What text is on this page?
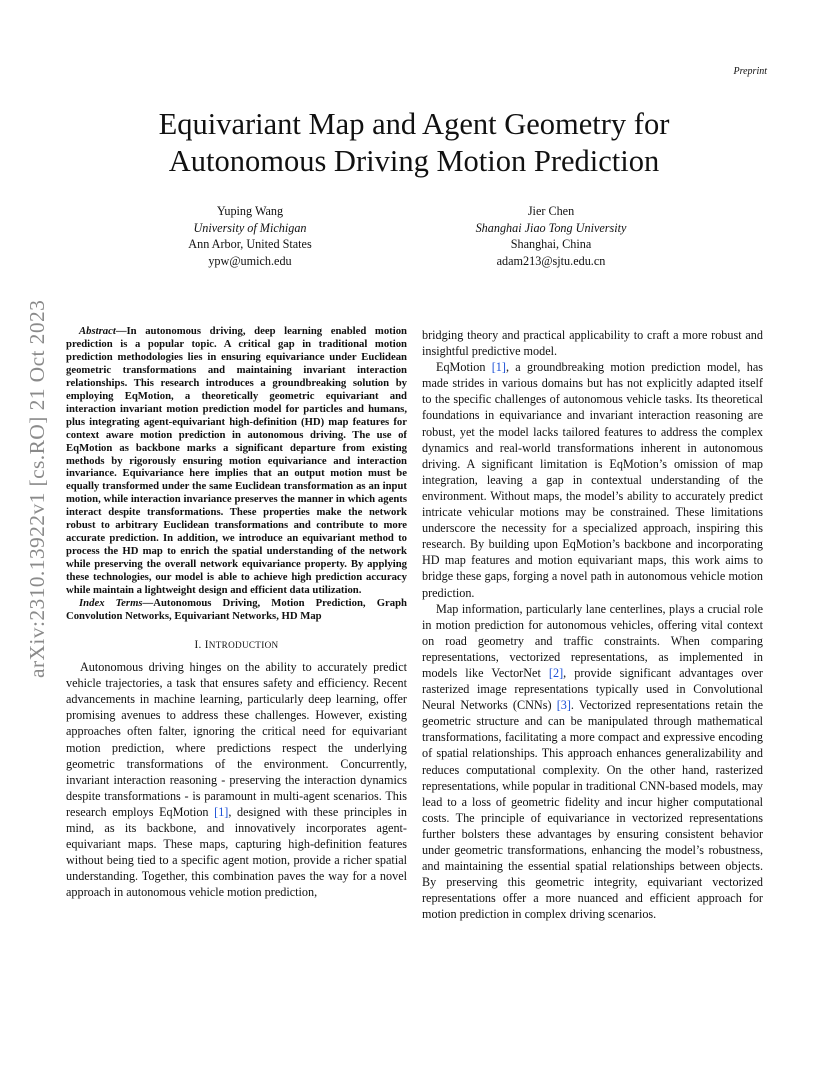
Preprint
arXiv:2310.13922v1 [cs.RO] 21 Oct 2023
Equivariant Map and Agent Geometry for
Autonomous Driving Motion Prediction
Yuping Wang
University of Michigan
Ann Arbor, United States
ypw@umich.edu
Jier Chen
Shanghai Jiao Tong University
Shanghai, China
adam213@sjtu.edu.cn
Abstract—In autonomous driving, deep learning enabled motion prediction is a popular topic. A critical gap in traditional motion prediction methodologies lies in ensuring equivariance under Euclidean geometric transformations and maintaining invariant interaction relationships. This research introduces a groundbreaking solution by employing EqMotion, a theoretically geometric equivariant and interaction invariant motion prediction model for particles and humans, plus integrating agent-equivariant high-definition (HD) map features for context aware motion prediction in autonomous driving. The use of EqMotion as backbone marks a significant departure from existing methods by rigorously ensuring motion equivariance and interaction invariance. Equivariance here implies that an output motion must be equally transformed under the same Euclidean transformation as an input motion, while interaction invariance preserves the manner in which agents interact despite transformations. These properties make the network robust to arbitrary Euclidean transformations and contribute to more accurate prediction. In addition, we introduce an equivariant method to process the HD map to enrich the spatial understanding of the network while preserving the overall network equivariance property. By applying these technologies, our model is able to achieve high prediction accuracy while maintain a lightweight design and efficient data utilization.
Index Terms—Autonomous Driving, Motion Prediction, Graph Convolution Networks, Equivariant Networks, HD Map
I. INTRODUCTION

Autonomous driving hinges on the ability to accurately predict vehicle trajectories, a task that ensures safety and efficiency. Recent advancements in machine learning, particularly deep learning, offer promising avenues to address these challenges. However, existing approaches often falter, ignoring the critical need for equivariant motion prediction, where predictions respect the underlying geometric transformations of the environment. Concurrently, invariant interaction reasoning - preserving the interaction dynamics despite transformations - is paramount in multi-agent scenarios. This research employs EqMotion [1], designed with these principles in mind, as its backbone, and innovatively incorporates agent-equivariant maps. These maps, capturing high-definition features without being tied to a specific agent motion, provide a richer spatial understanding. Together, this combination paves the way for a novel approach in autonomous vehicle motion prediction,

bridging theory and practical applicability to craft a more robust and insightful predictive model.

EqMotion [1], a groundbreaking motion prediction model, has made strides in various domains but has not explicitly adapted itself to the specific challenges of autonomous vehicle tasks. Its theoretical foundations in equivariance and invariant interaction reasoning are robust, yet the model lacks tailored features to address the complex dynamics and real-world transformations inherent in autonomous driving. A significant limitation is EqMotion’s omission of map integration, leaving a gap in contextual understanding of the environment. Without maps, the model’s ability to accurately predict intricate vehicular motions may be constrained. These limitations underscore the necessity for a specialized approach, inspiring this research. By building upon EqMotion’s backbone and incorporating HD map features and motion equivariant maps, this work aims to bridge these gaps, forging a novel path in autonomous vehicle motion prediction.

Map information, particularly lane centerlines, plays a crucial role in motion prediction for autonomous vehicles, offering vital context on road geometry and traffic constraints. When comparing representations, vectorized representations, as implemented in models like VectorNet [2], provide significant advantages over rasterized image representations typically used in Convolutional Neural Networks (CNNs) [3]. Vectorized representations retain the geometric structure and can be manipulated through mathematical transformations, facilitating a more compact and expressive encoding of spatial relationships. This approach enhances generalizability and reduces computational complexity. On the other hand, rasterized representations, while popular in traditional CNN-based models, may lead to a loss of geometric fidelity and incur higher computational costs. The principle of equivariance in vectorized representations further bolsters these advantages by ensuring consistent behavior under geometric transformations, enhancing the model’s robustness, and maintaining the essential spatial relationships between objects. By preserving this geometric integrity, equivariant vectorized representations offer a more nuanced and efficient approach for motion prediction in complex driving scenarios.
